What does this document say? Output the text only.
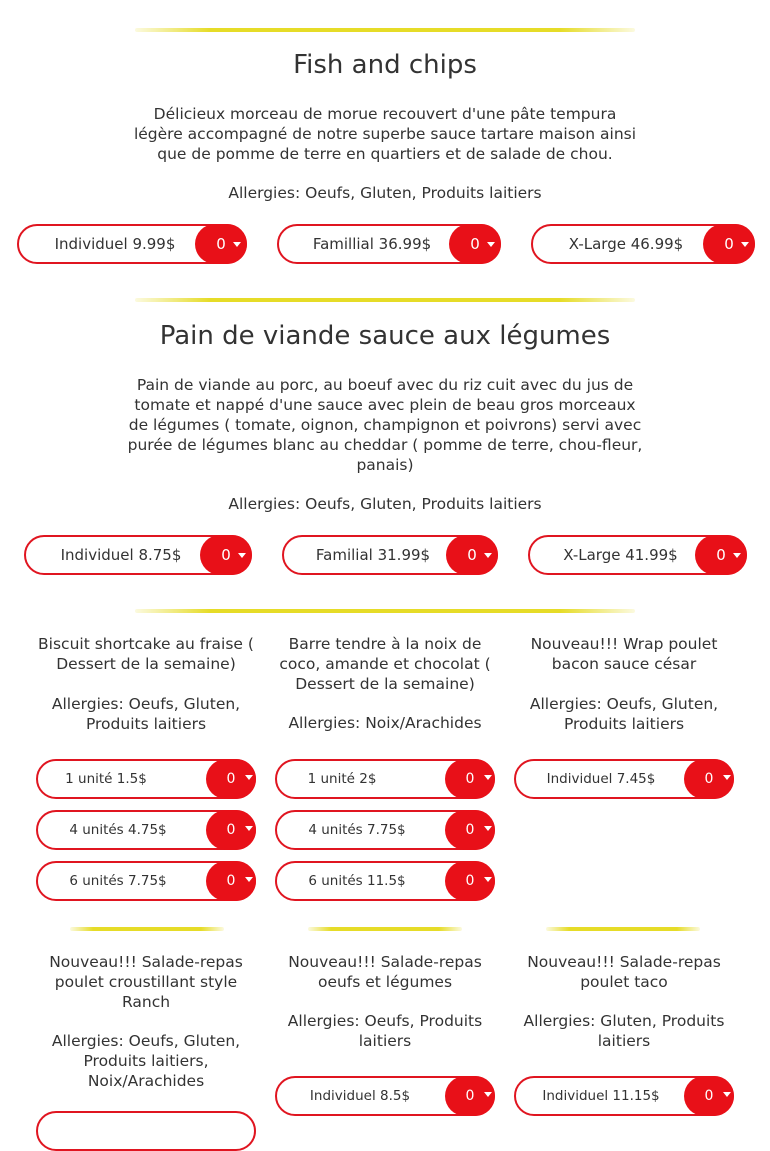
Fish and chips
Délicieux morceau de morue recouvert d'une pâte tempura
légère accompagné de notre superbe sauce tartare maison ainsi
que de pomme de terre en quartiers et de salade de chou.
Allergies: Oeufs, Gluten, Produits laitiers
Individuel 9.99$	0	Famillial 36.99$	0	X-Large 46.99$	0
Pain de viande sauce aux légumes
Pain de viande au porc, au boeuf avec du riz cuit avec du jus de
tomate et nappé d'une sauce avec plein de beau gros morceaux
de légumes ( tomate, oignon, champignon et poivrons) servi avec
purée de légumes blanc au cheddar ( pomme de terre, chou-fleur,
panais)
Allergies: Oeufs, Gluten, Produits laitiers
Individuel 8.75$	0	Familial 31.99$	0	X-Large 41.99$	0
Biscuit shortcake au fraise (
Dessert de la semaine)
Allergies: Oeufs, Gluten,
Produits laitiers
1 unité 1.5$	0
4 unités 4.75$	0
6 unités 7.75$	0
Barre tendre à la noix de
coco, amande et chocolat (
Dessert de la semaine)
Allergies: Noix/Arachides
1 unité 2$	0
4 unités 7.75$	0
6 unités 11.5$	0
Nouveau!!! Wrap poulet
bacon sauce césar
Allergies: Oeufs, Gluten,
Produits laitiers
Individuel 7.45$	0
Nouveau!!! Salade-repas
poulet croustillant style
Ranch
Allergies: Oeufs, Gluten,
Produits laitiers,
Noix/Arachides
Nouveau!!! Salade-repas
oeufs et légumes
Allergies: Oeufs, Produits
laitiers
Individuel 8.5$	0
Nouveau!!! Salade-repas
poulet taco
Allergies: Gluten, Produits
laitiers
Individuel 11.15$	0
